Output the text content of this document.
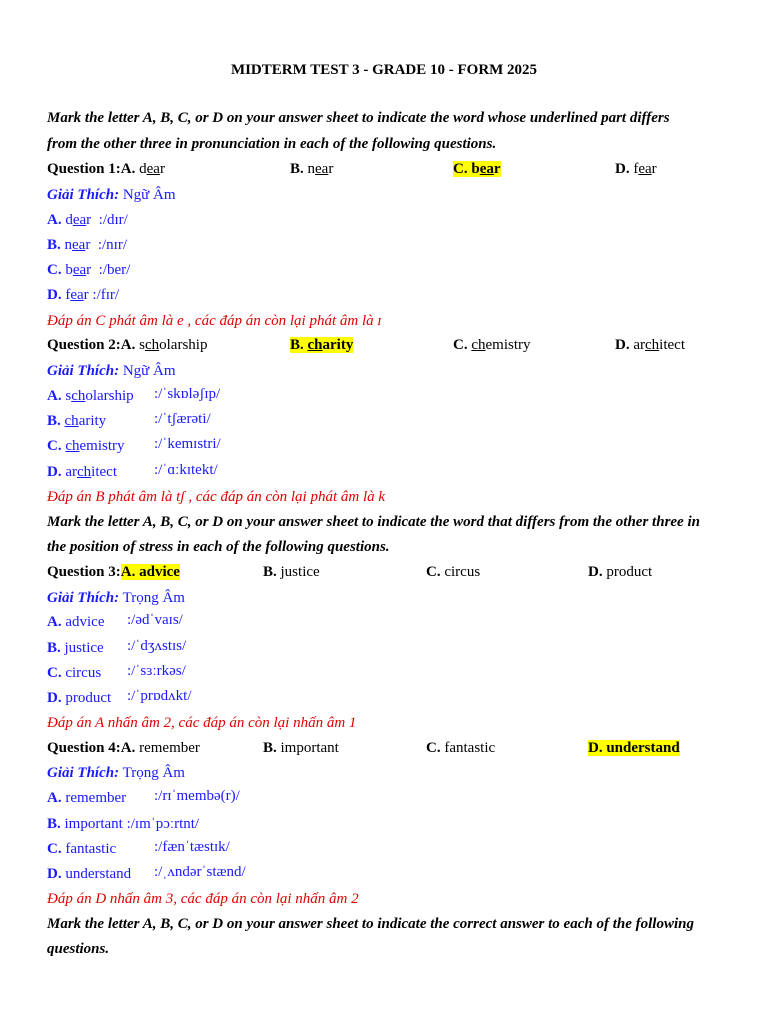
MIDTERM TEST 3 - GRADE 10 - FORM 2025
Mark the letter A, B, C, or D on your answer sheet to indicate the word whose underlined part differs
from the other three in pronunciation in each of the following questions.
Question 1:A. dear	B. near	C. bear	D. fear
Giải Thích: Ngữ Âm
A. dear :/dɪr/
B. near :/nɪr/
C. bear :/ber/
D. fear :/fɪr/
Đáp án C phát âm là e , các đáp án còn lại phát âm là ɪ
Question 2:A. scholarship	B. charity	C. chemistry	D. architect
Giải Thích: Ngữ Âm
A. scholarship :/ˈskɒləʃɪp/
B. charity	:/ˈtʃærəti/
C. chemistry :/ˈkemɪstri/
D. architect :/ˈɑːkɪtekt/
Đáp án B phát âm là tʃ , các đáp án còn lại phát âm là k
Mark the letter A, B, C, or D on your answer sheet to indicate the word that differs from the other three in
the position of stress in each of the following questions.
Question 3:A. advice	B. justice	C. circus	D. product
Giải Thích: Trọng Âm
A. advice :/ədˈvaɪs/
B. justice :/ˈdʒʌstɪs/
C. circus :/ˈsɜːrkəs/
D. product :/ˈprɒdʌkt/
Đáp án A nhấn âm 2, các đáp án còn lại nhấn âm 1
Question 4:A. remember	B. important	C. fantastic	D. understand
Giải Thích: Trọng Âm
A. remember :/rɪˈmembə(r)/
B. important :/ɪmˈpɔːrtnt/
C. fantastic	:/fænˈtæstɪk/
D. understand :/ˌʌndərˈstænd/
Đáp án D nhấn âm 3, các đáp án còn lại nhấn âm 2
Mark the letter A, B, C, or D on your answer sheet to indicate the correct answer to each of the following
questions.
